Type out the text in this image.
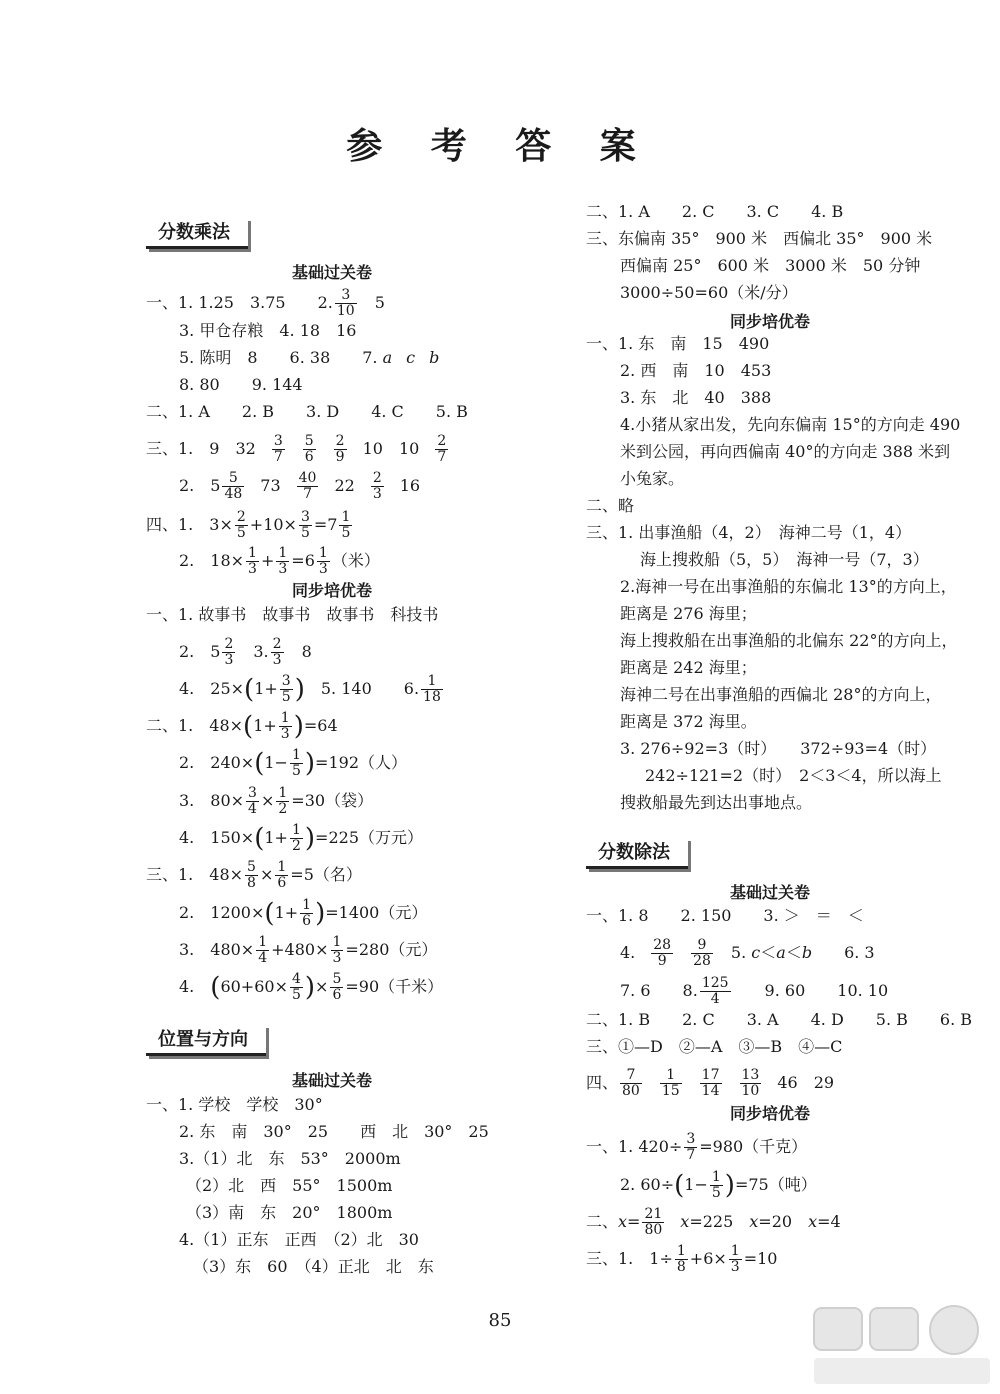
参 考 答 案
分数乘法
基础过关卷
一、1. 1.25　3.75　　2. $\frac{3}{10}$ 　5
3. 甲仓存粮　4. 18　16
5. 陈明　8　　6. 38　　7. a c b
8. 80　　9. 144
二、1. A　　2. B　　3. D　　4. C　　5. B
三、1.　9　$32 \frac{3}{7} \frac{5}{6} \frac{2}{9} 10$　$10 \frac{2}{7}$
2.　$5 \frac{5}{48} 73 \frac{40}{7} 22 \frac{2}{3} 16$
四、1.　$3\times \frac{2}{5} +10\times \frac{3}{5} =7 \frac{1}{5}$
2.　$18\times \frac{1}{3} + \frac{1}{3} =6 \frac{1}{3}$ （米）
同步培优卷
一、1. 故事书　故事书　故事书　科技书
2.　$5 \frac{2}{3}$ 　3. $\frac{2}{3}$ 　8
4.　$25\times(1+ \frac{3}{5}$ )　5. 140　　6. $\frac{1}{18}$
二、1.　$48\times(1+ \frac{1}{3} )=64$
2.　$240\times(1- \frac{1}{5} )=192$（人）
3.　$80\times \frac{3}{4} \times \frac{1}{2} =30$（袋）
4.　$150\times(1+ \frac{1}{2} )=225$（万元）
三、1.　$48\times \frac{5}{8} \times \frac{1}{6} =5$（名）
2.　$1200\times(1+ \frac{1}{6} )=1400$（元）
3.　$480\times \frac{1}{4} +480\times \frac{1}{3} =280$（元）
4.　($60+60\times \frac{4}{5}$ )× $\frac{5}{6} =90$（千米）
位置与方向
基础过关卷
一、1. 学校　学校　30°
2. 东　南　30°　25　　西　北　30°　25
3.（1）北　东　53°　2000m
（2）北　西　55°　1500m
（3）南　东　20°　1800m
4.（1）正东　正西　（2）北　30
（3）东　60　（4）正北　北　东
二、1. A　　2. C　　3. C　　4. B
三、东偏南 35°　900 米　西偏北 35°　900 米
西偏南 25°　600 米　3000 米　50 分钟
3000÷50=60（米/分）
同步培优卷
一、1. 东　南　15　490
2. 西　南　10　453
3. 东　北　40　388
4.小猪从家出发，先向东偏南 15°的方向走 490
米到公园，再向西偏南 40°的方向走 388 米到
小兔家。
二、略
三、1. 出事渔船（4，2）　海神二号（1，4）
海上搜救船（5，5）　海神一号（7，3）
2.海神一号在出事渔船的东偏北 13°的方向上，
距离是 276 海里；
海上搜救船在出事渔船的北偏东 22°的方向上，
距离是 242 海里；
海神二号在出事渔船的西偏北 28°的方向上，
距离是 372 海里。
3. 276÷92=3（时）　　372÷93=4（时）
242÷121=2（时）　2＜3＜4，所以海上
搜救船最先到达出事地点。
分数除法
基础过关卷
一、1. 8　　2. 150　　3. ＞　＝　＜
4. $\frac{28}{9} \frac{9}{28}$ 　5. c＜a＜b　　6. 3
7. 6　　8. $\frac{125}{4}$ 　　9. 60　　10. 10
二、1. B　　2. C　　3. A　　4. D　　5. B　　6. B
三、①—D　②—A　③—B　④—C
四、 $\frac{7}{80} \frac{1}{15} \frac{17}{14} \frac{13}{10} 46$　29
同步培优卷
一、1. $420\div \frac{3}{7} =980$（千克）
2. $60\div(1- \frac{1}{5} )=75$（吨）
二、$x= \frac{21}{80} x=225$　x=20　x=4
三、1.　$1\div \frac{1}{8} +6\times \frac{1}{3} =10$
85
